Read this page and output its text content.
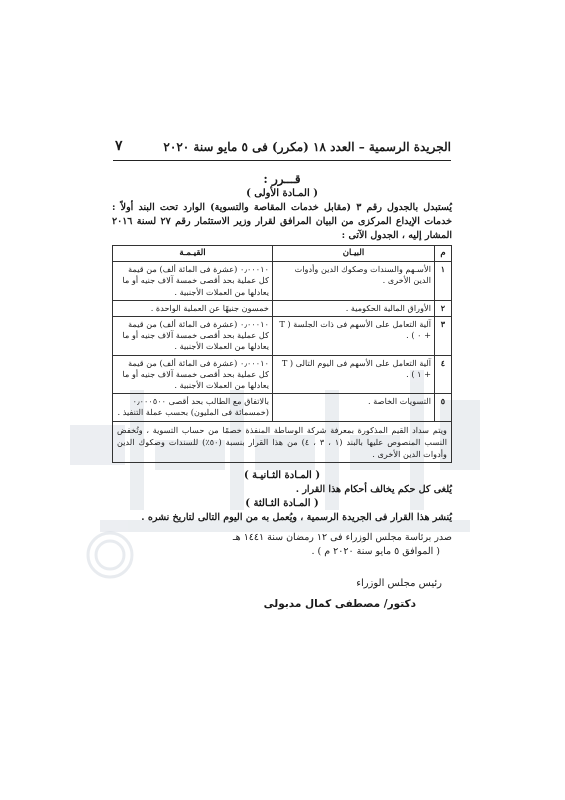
الجريدة الرسمية – العدد ١٨ (مكرر) فى ٥ مايو سنة ٢٠٢٠
٧
قـــرر :
( المـادة الأولى )

يُستبدل بالجدول رقم ٣ (مقابل خدمات المقاصة والتسوية) الوارد تحت البند أولاً : خدمات الإيداع المركزى من البيان المرافق لقرار وزير الاستثمار رقم ٢٧ لسنة ٢٠١٦ المشار إليه ، الجدول الآتى :

م	البيـان	القيـمـة
١	الأسـهم والسندات وصكوك الدين وأدوات الدين الأخرى .	٠٫٠٠٠١٠ (عشرة فى المائة ألف) من قيمة كل عملية بحد أقصى خمسة آلاف جنيه أو ما يعادلها من العملات الأجنبية .
٢	الأوراق المالية الحكومية .	خمسون جنيهًا عن العملية الواحدة .
٣	آلية التعامل على الأسهم فى ذات الجلسة ( T + ٠ ) .	٠٫٠٠٠١٠ (عشرة فى المائة ألف) من قيمة كل عملية بحد أقصى خمسة آلاف جنيه أو ما يعادلها من العملات الأجنبية .
٤	آلية التعامل على الأسهم فى اليوم التالى ( T + ١ ) .	٠٫٠٠٠١٠ (عشرة فى المائة ألف) من قيمة كل عملية بحد أقصى خمسة آلاف جنيه أو ما يعادلها من العملات الأجنبية .
٥	التسويات الخاصة .	بالاتفاق مع الطالب بحد أقصى ٠٫٠٠٠٥٠٠ (خمسمائة فى المليون) بحسب عملة التنفيذ .
ويتم سداد القيم المذكورة بمعرفة شركة الوساطة المنفذة خصمًا من حساب التسوية ، وتُخفض النسب المنصوص عليها بالبند (١ ، ٣ ، ٤) من هذا القرار بنسبة (٥٠٪) للسندات وصكوك الدين وأدوات الدين الأخرى .
( المـادة الثـانيـة )

يُلغى كل حكم يخالف أحكام هذا القرار .

( المـادة الثـالثة )

يُنشر هذا القرار فى الجريدة الرسمية ، ويُعمل به من اليوم التالى لتاريخ نشره .

صدر برئاسة مجلس الوزراء فى ١٢ رمضان سنة ١٤٤١ هـ
( الموافق ٥ مايو سنة ٢٠٢٠ م ) .
رئيس مجلس الوزراء
دكتور/ مصطفى كمال مدبولى
